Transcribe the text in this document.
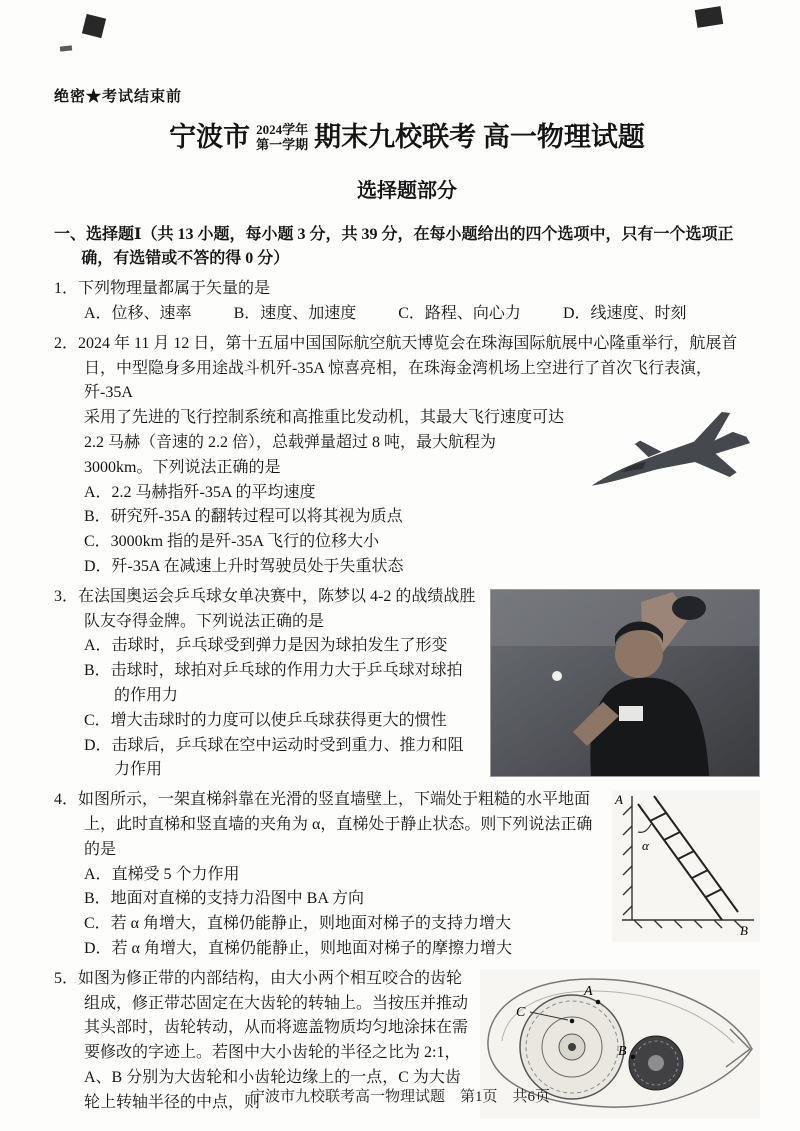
绝密★考试结束前
宁波市 2024学年
第一学期 期末九校联考 高一物理试题
选择题部分
一、选择题Ⅰ（共 13 小题，每小题 3 分，共 39 分，在每小题给出的四个选项中，只有一个选项正确，有选错或不答的得 0 分）
1．下列物理量都属于矢量的是
A．位移、速率	B．速度、加速度	C．路程、向心力	D．线速度、时刻
2．2024 年 11 月 12 日，第十五届中国国际航空航天博览会在珠海国际航展中心隆重举行，航展首日，中型隐身多用途战斗机歼-35A 惊喜亮相，在珠海金湾机场上空进行了首次飞行表演，歼-35A
采用了先进的飞行控制系统和高推重比发动机，其最大飞行速度可达 2.2 马赫（音速的 2.2 倍），总载弹量超过 8 吨，最大航程为 3000km。下列说法正确的是
A．2.2 马赫指歼-35A 的平均速度
B．研究歼-35A 的翻转过程可以将其视为质点
C．3000km 指的是歼-35A 飞行的位移大小
D．歼-35A 在减速上升时驾驶员处于失重状态
3．在法国奥运会乒乓球女单决赛中，陈梦以 4-2 的战绩战胜队友夺得金牌。下列说法正确的是
A．击球时，乒乓球受到弹力是因为球拍发生了形变
B．击球时，球拍对乒乓球的作用力大于乒乓球对球拍的作用力
C．增大击球时的力度可以使乒乓球获得更大的惯性
D．击球后，乒乓球在空中运动时受到重力、推力和阻力作用
α
A
B
4．如图所示，一架直梯斜靠在光滑的竖直墙壁上，下端处于粗糙的水平地面上，此时直梯和竖直墙的夹角为 α，直梯处于静止状态。则下列说法正确的是
A．直梯受 5 个力作用
B．地面对直梯的支持力沿图中 BA 方向
C．若 α 角增大，直梯仍能静止，则地面对梯子的支持力增大
D．若 α 角增大，直梯仍能静止，则地面对梯子的摩擦力增大
C
A
B
5．如图为修正带的内部结构，由大小两个相互咬合的齿轮组成，修正带芯固定在大齿轮的转轴上。当按压并推动其头部时，齿轮转动，从而将遮盖物质均匀地涂抹在需要修改的字迹上。若图中大小齿轮的半径之比为 2:1，A、B 分别为大齿轮和小齿轮边缘上的一点，C 为大齿轮上转轴半径的中点，则
宁波市九校联考高一物理试题　第1页　共6页
